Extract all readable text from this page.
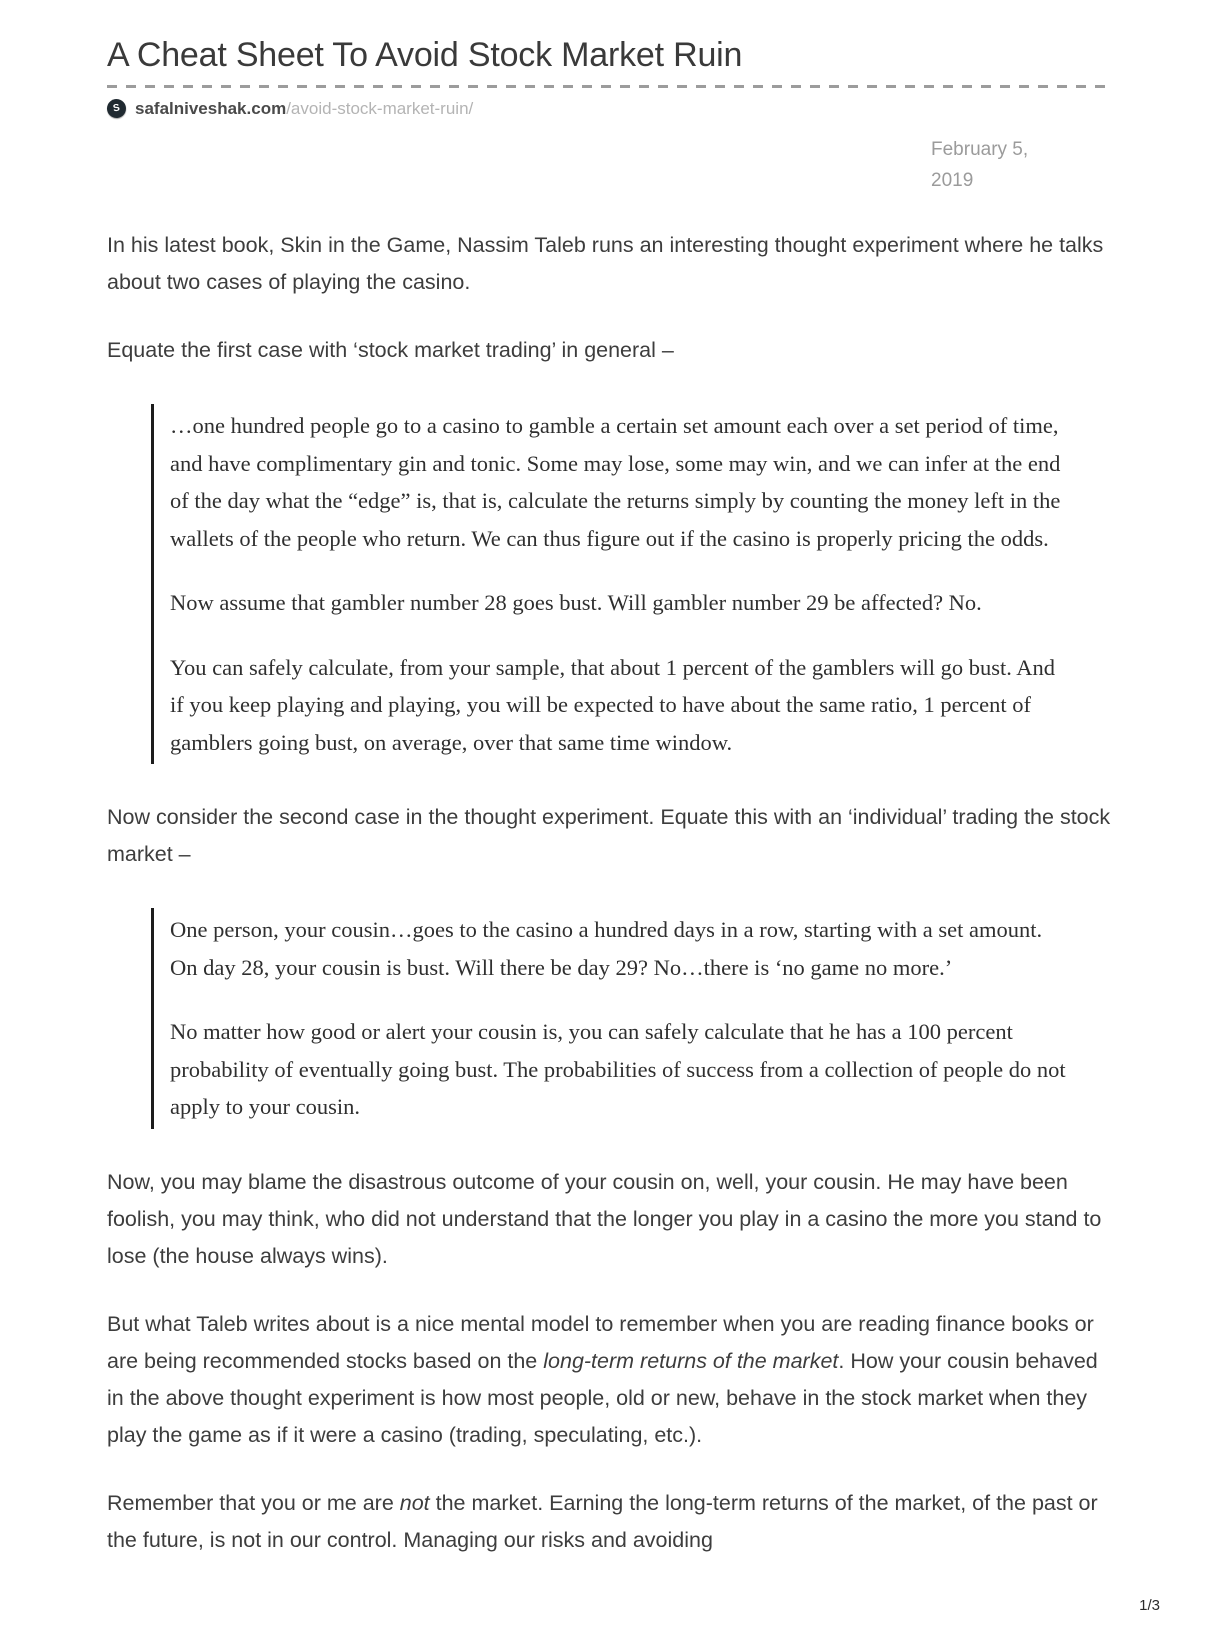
A Cheat Sheet To Avoid Stock Market Ruin
S safalniveshak.com/avoid-stock-market-ruin/
February 5, 2019

In his latest book, Skin in the Game, Nassim Taleb runs an interesting thought experiment where he talks about two cases of playing the casino.

Equate the first case with ‘stock market trading’ in general –

…one hundred people go to a casino to gamble a certain set amount each over a set period of time, and have complimentary gin and tonic. Some may lose, some may win, and we can infer at the end of the day what the “edge” is, that is, calculate the returns simply by counting the money left in the wallets of the people who return. We can thus figure out if the casino is properly pricing the odds.

Now assume that gambler number 28 goes bust. Will gambler number 29 be affected? No.

You can safely calculate, from your sample, that about 1 percent of the gamblers will go bust. And if you keep playing and playing, you will be expected to have about the same ratio, 1 percent of gamblers going bust, on average, over that same time window.

Now consider the second case in the thought experiment. Equate this with an ‘individual’ trading the stock market –

One person, your cousin…goes to the casino a hundred days in a row, starting with a set amount. On day 28, your cousin is bust. Will there be day 29? No…there is ‘no game no more.’

No matter how good or alert your cousin is, you can safely calculate that he has a 100 percent probability of eventually going bust. The probabilities of success from a collection of people do not apply to your cousin.

Now, you may blame the disastrous outcome of your cousin on, well, your cousin. He may have been foolish, you may think, who did not understand that the longer you play in a casino the more you stand to lose (the house always wins).

But what Taleb writes about is a nice mental model to remember when you are reading finance books or are being recommended stocks based on the long-term returns of the market. How your cousin behaved in the above thought experiment is how most people, old or new, behave in the stock market when they play the game as if it were a casino (trading, speculating, etc.).

Remember that you or me are not the market. Earning the long-term returns of the market, of the past or the future, is not in our control. Managing our risks and avoiding

1/3
